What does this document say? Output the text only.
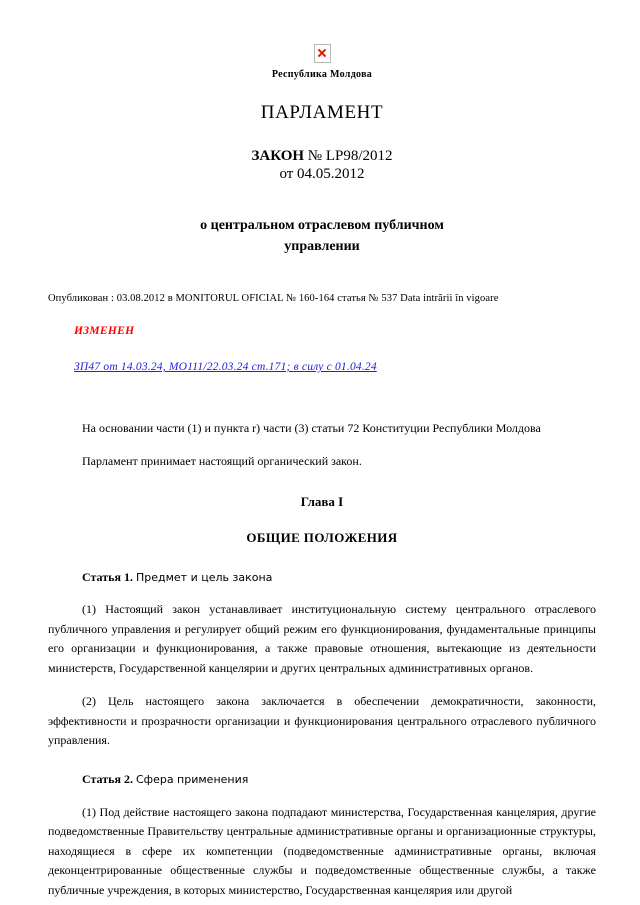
Республика Молдова
ПАРЛАМЕНТ
ЗАКОН № LP98/2012
от 04.05.2012
о центральном отраслевом публичном
управлении
Опубликован : 03.08.2012 в MONITORUL OFICIAL № 160-164 статья № 537 Data intrării în vigoare
ИЗМЕНЕН
ЗП47 от 14.03.24, МО111/22.03.24 ст.171; в силу с 01.04.24

На основании части (1) и пункта r) части (3) статьи 72 Конституции Республики Молдова

Парламент принимает настоящий органический закон.

Глава I
ОБЩИЕ ПОЛОЖЕНИЯ
Статья 1. Предмет и цель закона

(1) Настоящий закон устанавливает институциональную систему центрального отраслевого публичного управления и регулирует общий режим его функционирования, фундаментальные принципы его организации и функционирования, а также правовые отношения, вытекающие из деятельности министерств, Государственной канцелярии и других центральных административных органов.

(2) Цель настоящего закона заключается в обеспечении демократичности, законности, эффективности и прозрачности организации и функционирования центрального отраслевого публичного управления.

Статья 2. Сфера применения

(1) Под действие настоящего закона подпадают министерства, Государственная канцелярия, другие подведомственные Правительству центральные административные органы и организационные структуры, находящиеся в сфере их компетенции (подведомственные административные органы, включая деконцентрированные общественные службы и подведомственные общественные службы, а также публичные учреждения, в которых министерство, Государственная канцелярия или другой
